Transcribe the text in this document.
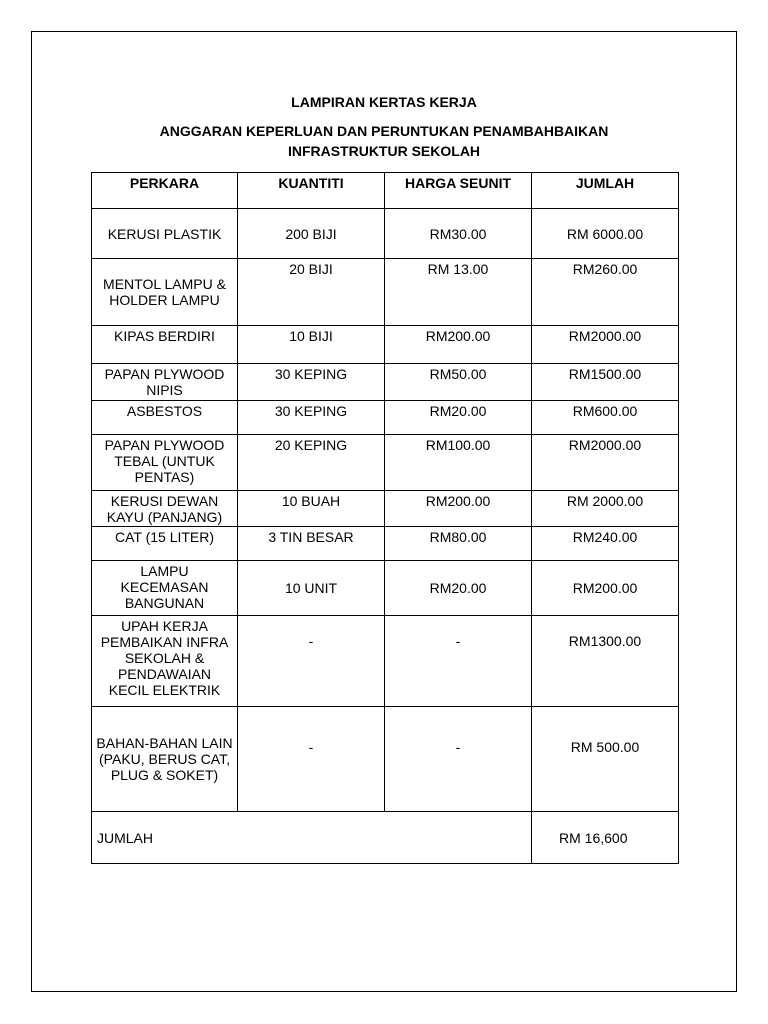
LAMPIRAN KERTAS KERJA
ANGGARAN KEPERLUAN DAN PERUNTUKAN PENAMBAHBAIKAN
INFRASTRUKTUR SEKOLAH
PERKARA	KUANTITI	HARGA SEUNIT	JUMLAH
KERUSI PLASTIK	200 BIJI	RM30.00	RM 6000.00
MENTOL LAMPU & HOLDER LAMPU	20 BIJI	RM 13.00	RM260.00
KIPAS BERDIRI	10 BIJI	RM200.00	RM2000.00
PAPAN PLYWOOD NIPIS	30 KEPING	RM50.00	RM1500.00
ASBESTOS	30 KEPING	RM20.00	RM600.00
PAPAN PLYWOOD TEBAL (UNTUK PENTAS)	20 KEPING	RM100.00	RM2000.00
KERUSI DEWAN KAYU (PANJANG)	10 BUAH	RM200.00	RM 2000.00
CAT (15 LITER)	3 TIN BESAR	RM80.00	RM240.00
LAMPU KECEMASAN BANGUNAN	10 UNIT	RM20.00	RM200.00
UPAH KERJA PEMBAIKAN INFRA SEKOLAH & PENDAWAIAN KECIL ELEKTRIK	-	-	RM1300.00
BAHAN-BAHAN LAIN (PAKU, BERUS CAT, PLUG & SOKET)	-	-	RM 500.00
JUMLAH			RM 16,600
